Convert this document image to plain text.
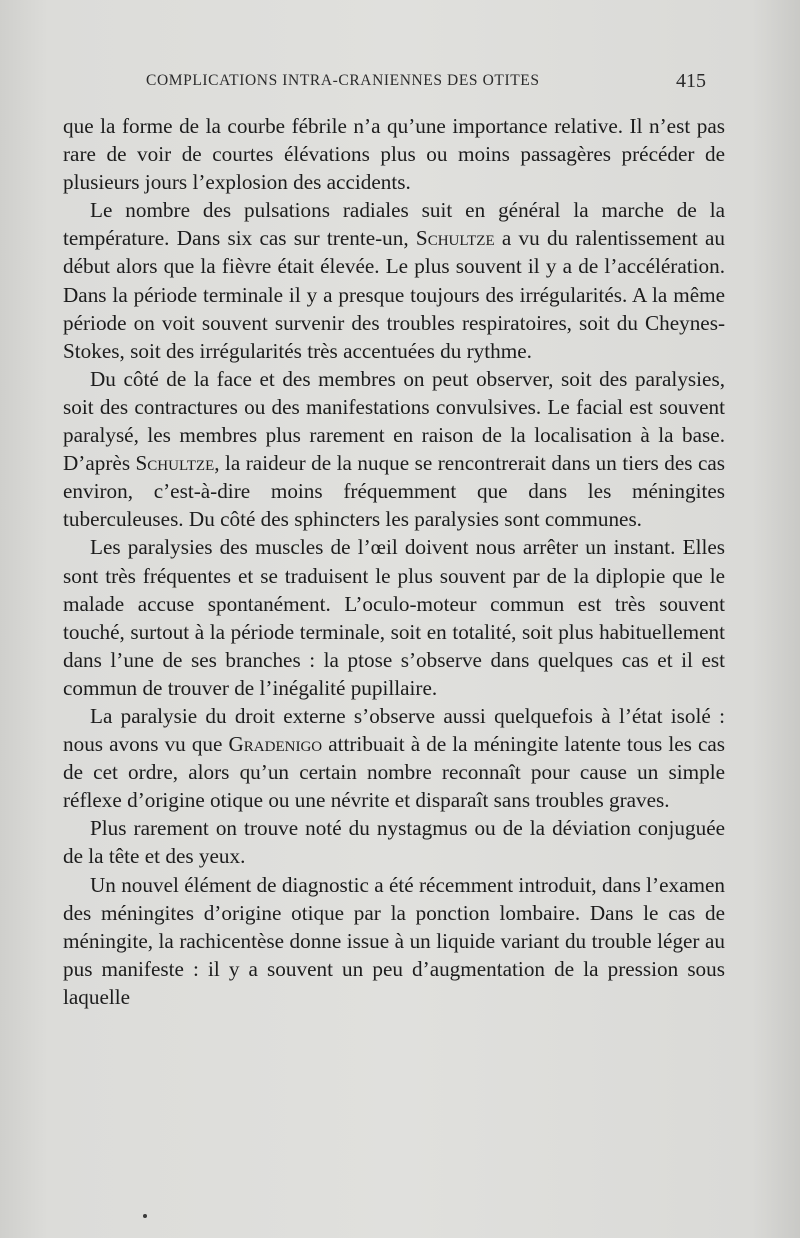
COMPLICATIONS INTRA-CRANIENNES DES OTITES	415

que la forme de la courbe fébrile n’a qu’une importance relative. Il n’est pas rare de voir de courtes élévations plus ou moins passagères précéder de plusieurs jours l’explosion des accidents.

Le nombre des pulsations radiales suit en général la marche de la température. Dans six cas sur trente-un, Schultze a vu du ralentissement au début alors que la fièvre était élevée. Le plus souvent il y a de l’accélération. Dans la période terminale il y a presque toujours des irrégularités. A la même période on voit souvent survenir des troubles respiratoires, soit du Cheynes-Stokes, soit des irrégularités très accentuées du rythme.

Du côté de la face et des membres on peut observer, soit des paralysies, soit des contractures ou des manifestations convulsives. Le facial est souvent paralysé, les membres plus rarement en raison de la localisation à la base. D’après Schultze, la raideur de la nuque se rencontrerait dans un tiers des cas environ, c’est-à-dire moins fréquemment que dans les méningites tuberculeuses. Du côté des sphincters les paralysies sont communes.

Les paralysies des muscles de l’œil doivent nous arrêter un instant. Elles sont très fréquentes et se traduisent le plus souvent par de la diplopie que le malade accuse spontanément. L’oculo-moteur commun est très souvent touché, surtout à la période terminale, soit en totalité, soit plus habituellement dans l’une de ses branches : la ptose s’observe dans quelques cas et il est commun de trouver de l’inégalité pupillaire.

La paralysie du droit externe s’observe aussi quelquefois à l’état isolé : nous avons vu que Gradenigo attribuait à de la méningite latente tous les cas de cet ordre, alors qu’un certain nombre reconnaît pour cause un simple réflexe d’origine otique ou une névrite et disparaît sans troubles graves.

Plus rarement on trouve noté du nystagmus ou de la déviation conjuguée de la tête et des yeux.

Un nouvel élément de diagnostic a été récemment introduit, dans l’examen des méningites d’origine otique par la ponction lombaire. Dans le cas de méningite, la rachicentèse donne issue à un liquide variant du trouble léger au pus manifeste : il y a souvent un peu d’augmentation de la pression sous laquelle
